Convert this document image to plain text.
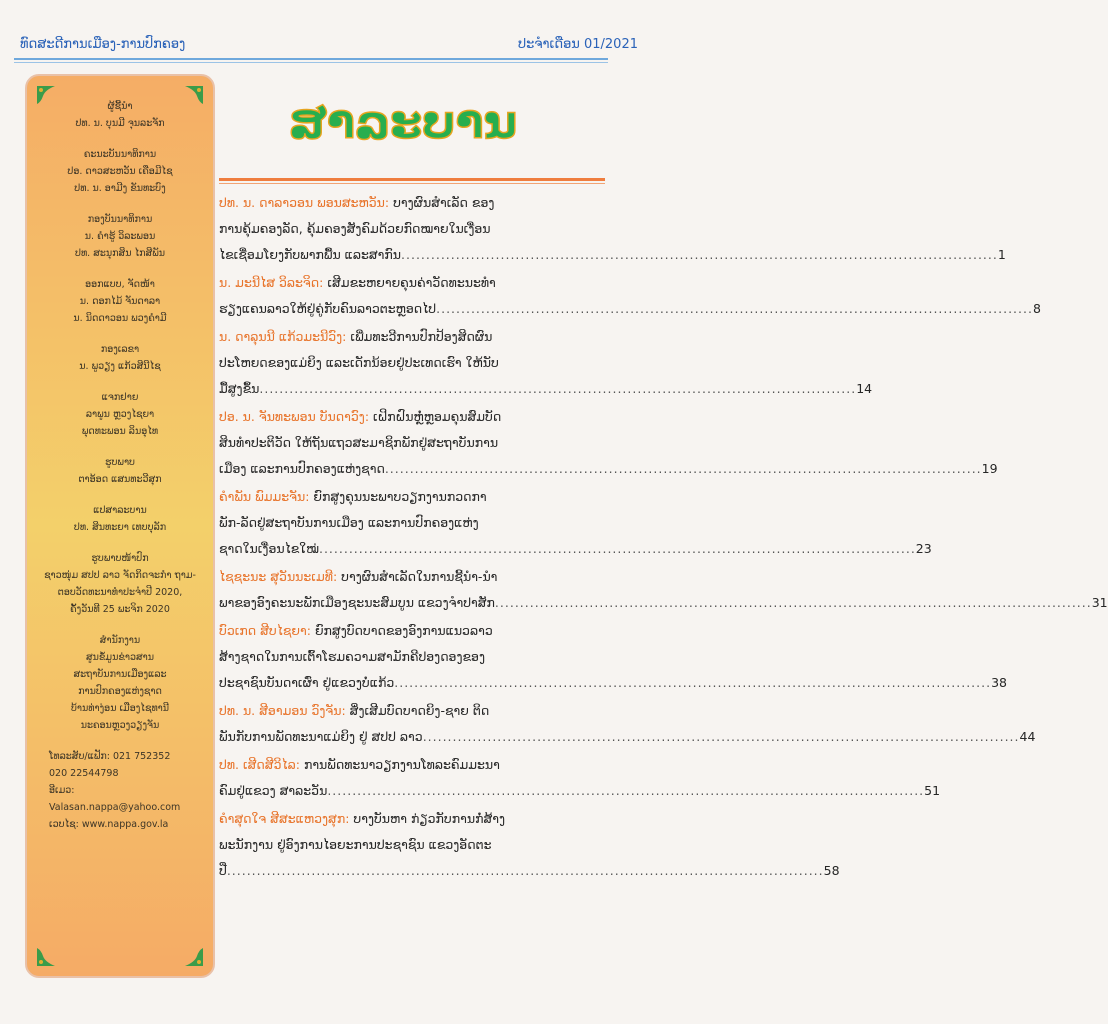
ທົດສະດີການເມືອງ-ການປົກຄອງ	ປະຈຳເດືອນ 01/2021
ຜູ້ຊີ້ນຳ
ປທ. ນ. ບຸນມີ ຈຸນລະຈັກ
ຄະນະບັນນາທິການ
ປອ. ດາວສະຫວັນ ເຄືອມີໄຊ
ປທ. ນ. ອາມີງ ຂັນທະບົງ
ກອງບັນນາທິການ
ນ. ຄຳຮູ້ ວິລະພອນ
ປທ. ສະນຸກສິນ ໄກສີພັນ
ອອກແບບ, ຈັດໜ້າ
ນ. ດອກໄມ້ ຈັນດາລາ
ນ. ນິດດາວອນ ພວງຄຳມີ
ກອງເລຂາ
ນ. ພູວຽງ ແກ້ວສີນີໄຊ
ແຈກຢາຍ
ລາພູນ ຫຼວງໄຊຍາ
ພຸດທະພອນ ລິນອຸໄທ
ຮູບພາບ
ຕາອ້ອດ ແສນທະວີສຸກ
ແປສາລະບານ
ປທ. ສິນທະຍາ ເທບບຸລັກ
ຮູບພາບໜ້າປົກ
ຊາວໜຸ່ມ ສປປ ລາວ ຈັດກິດຈະກຳ ຖາມ-
ຕອບວັດທະນາທຳປະຈຳປີ 2020,
ຄັ້ງວັນທີ 25 ພະຈິກ 2020
ສຳນັກງານ
ສູນຂໍ້ມູນຂ່າວສານ
ສະຖາບັນການເມືອງແລະ
ການປົກຄອງແຫ່ງຊາດ
ບ້ານທ່າງ່ອນ ເມືອງໄຊທານີ
ນະຄອນຫຼວງວຽງຈັນ
ໂທລະສັບ/ແຟັກ: 021 752352
020 22544798
ອີເມວ:
Valasan.nappa@yahoo.com
ເວບໄຊ: www.nappa.gov.la
ສາລະບານ

ປທ. ນ. ດາລາວອນ ພອນສະຫວັນ: ບາງຜົນສຳເລັດ ຂອງ

ການຄຸ້ມຄອງລັດ, ຄຸ້ມຄອງສັງຄົມດ້ວຍກົດໝາຍໃນເງື່ອນ

ໄຂເຊື່ອມໂຍງກັບພາກພື້ນ ແລະສາກົນ ........................................................................................................................ 1

ນ. ມະນີໄສ ວິລະຈິດ: ເສີມຂະຫຍາຍຄຸນຄ່າວັດທະນະທຳ

ຮຽງແຄນລາວໃຫ້ຢູ່ຄູ່ກັບຄົນລາວຕະຫຼອດໄປ ........................................................................................................................ 8

ນ. ດາລຸນນີ ແກ້ວມະນີວົງ: ເພີ່ມທະວີການປົກປ້ອງສິດຜົນ

ປະໂຫຍດຂອງແມ່ຍິງ ແລະເດັກນ້ອຍຢູ່ປະເທດເຮົາ ໃຫ້ນັບ

ມື້ສູງຂຶ້ນ ........................................................................................................................ 14

ປອ. ນ. ຈັນທະພອນ ບັນດາວົງ: ເຝິກຝົນຫຼໍ່ຫຼອມຄຸນສົມບັດ

ສິນທຳປະຕິວັດ ໃຫ້ຖັນແຖວສະມາຊິກພັກຢູ່ສະຖາບັນການ

ເມືອງ ແລະການປົກຄອງແຫ່ງຊາດ ........................................................................................................................ 19

ຄຳພັນ ພົມມະຈັນ: ຍົກສູງຄຸນນະພາບວຽກງານກວດກາ

ພັກ-ລັດຢູ່ສະຖາບັນການເມືອງ ແລະການປົກຄອງແຫ່ງ

ຊາດໃນເງື່ອນໄຂໃໝ່ ........................................................................................................................ 23

ໄຊຊະນະ ສຸວັນນະເມທີ: ບາງຜົນສຳເລັດໃນການຊີ້ນຳ-ນຳ

ພາຂອງອົງຄະນະພັກເມືອງຊະນະສົມບູນ ແຂວງຈຳປາສັກ ........................................................................................................................ 31

ບົວເກດ ສີບໄຊຍາ: ຍົກສູງບົດບາດຂອງອົງການແນວລາວ

ສ້າງຊາດໃນການເຕົ້າໂຮມຄວາມສາມັກຄີປອງດອງຂອງ

ປະຊາຊົນບັນດາເຜົ່າ ຢູ່ແຂວງບໍ່ແກ້ວ ........................................................................................................................ 38

ປທ. ນ. ສີອາມອນ ວົງຈັນ: ສິ່ງເສີມບົດບາດຍິງ-ຊາຍ ຕິດ

ພັນກັບການພັດທະນາແມ່ຍິງ ຢູ່ ສປປ ລາວ ........................................................................................................................ 44

ປທ. ເສີດສີວິໄລ: ການພັດທະນາວຽກງານໂທລະຄົມມະນາ

ຄົມຢູ່ແຂວງ ສາລະວັນ ........................................................................................................................ 51

ຄຳສຸດໃຈ ສີສະແຫວງສຸກ: ບາງບັນຫາ ກ່ຽວກັບການກໍ່ສ້າງ

ພະນັກງານ ຢູ່ອົງການໄອຍະການປະຊາຊົນ ແຂວງອັດຕະ

ປື ........................................................................................................................ 58
